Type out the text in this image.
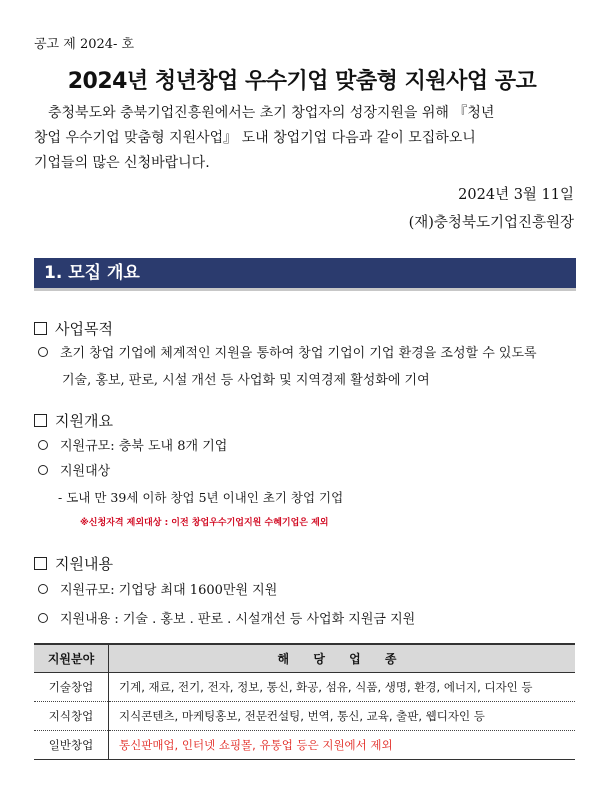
공고 제 2024- 호
2024년 청년창업 우수기업 맞춤형 지원사업 공고
충청북도와 충북기업진흥원에서는 초기 창업자의 성장지원을 위해 『청년
창업 우수기업 맞춤형 지원사업』 도내 창업기업 다음과 같이 모집하오니
기업들의 많은 신청바랍니다.
2024년 3월 11일
(재)충청북도기업진흥원장
1. 모집 개요
사업목적
초기 창업 기업에 체계적인 지원을 통하여 창업 기업이 기업 환경을 조성할 수 있도록
기술, 홍보, 판로, 시설 개선 등 사업화 및 지역경제 활성화에 기여
지원개요
지원규모: 충북 도내 8개 기업
지원대상
- 도내 만 39세 이하 창업 5년 이내인 초기 창업 기업
※신청자격 제외대상 : 이전 창업우수기업지원 수혜기업은 제외
지원내용
지원규모: 기업당 최대 1600만원 지원
지원내용 : 기술 . 홍보 . 판로 . 시설개선 등 사업화 지원금 지원
지원분야	해 당 업 종
기술창업	기계, 재료, 전기, 전자, 정보, 통신, 화공, 섬유, 식품, 생명, 환경, 에너지, 디자인 등
지식창업	지식콘텐츠, 마케팅홍보, 전문컨설팅, 번역, 통신, 교육, 출판, 웹디자인 등
일반창업	통신판매업, 인터넷 쇼핑몰, 유통업 등은 지원에서 제외
